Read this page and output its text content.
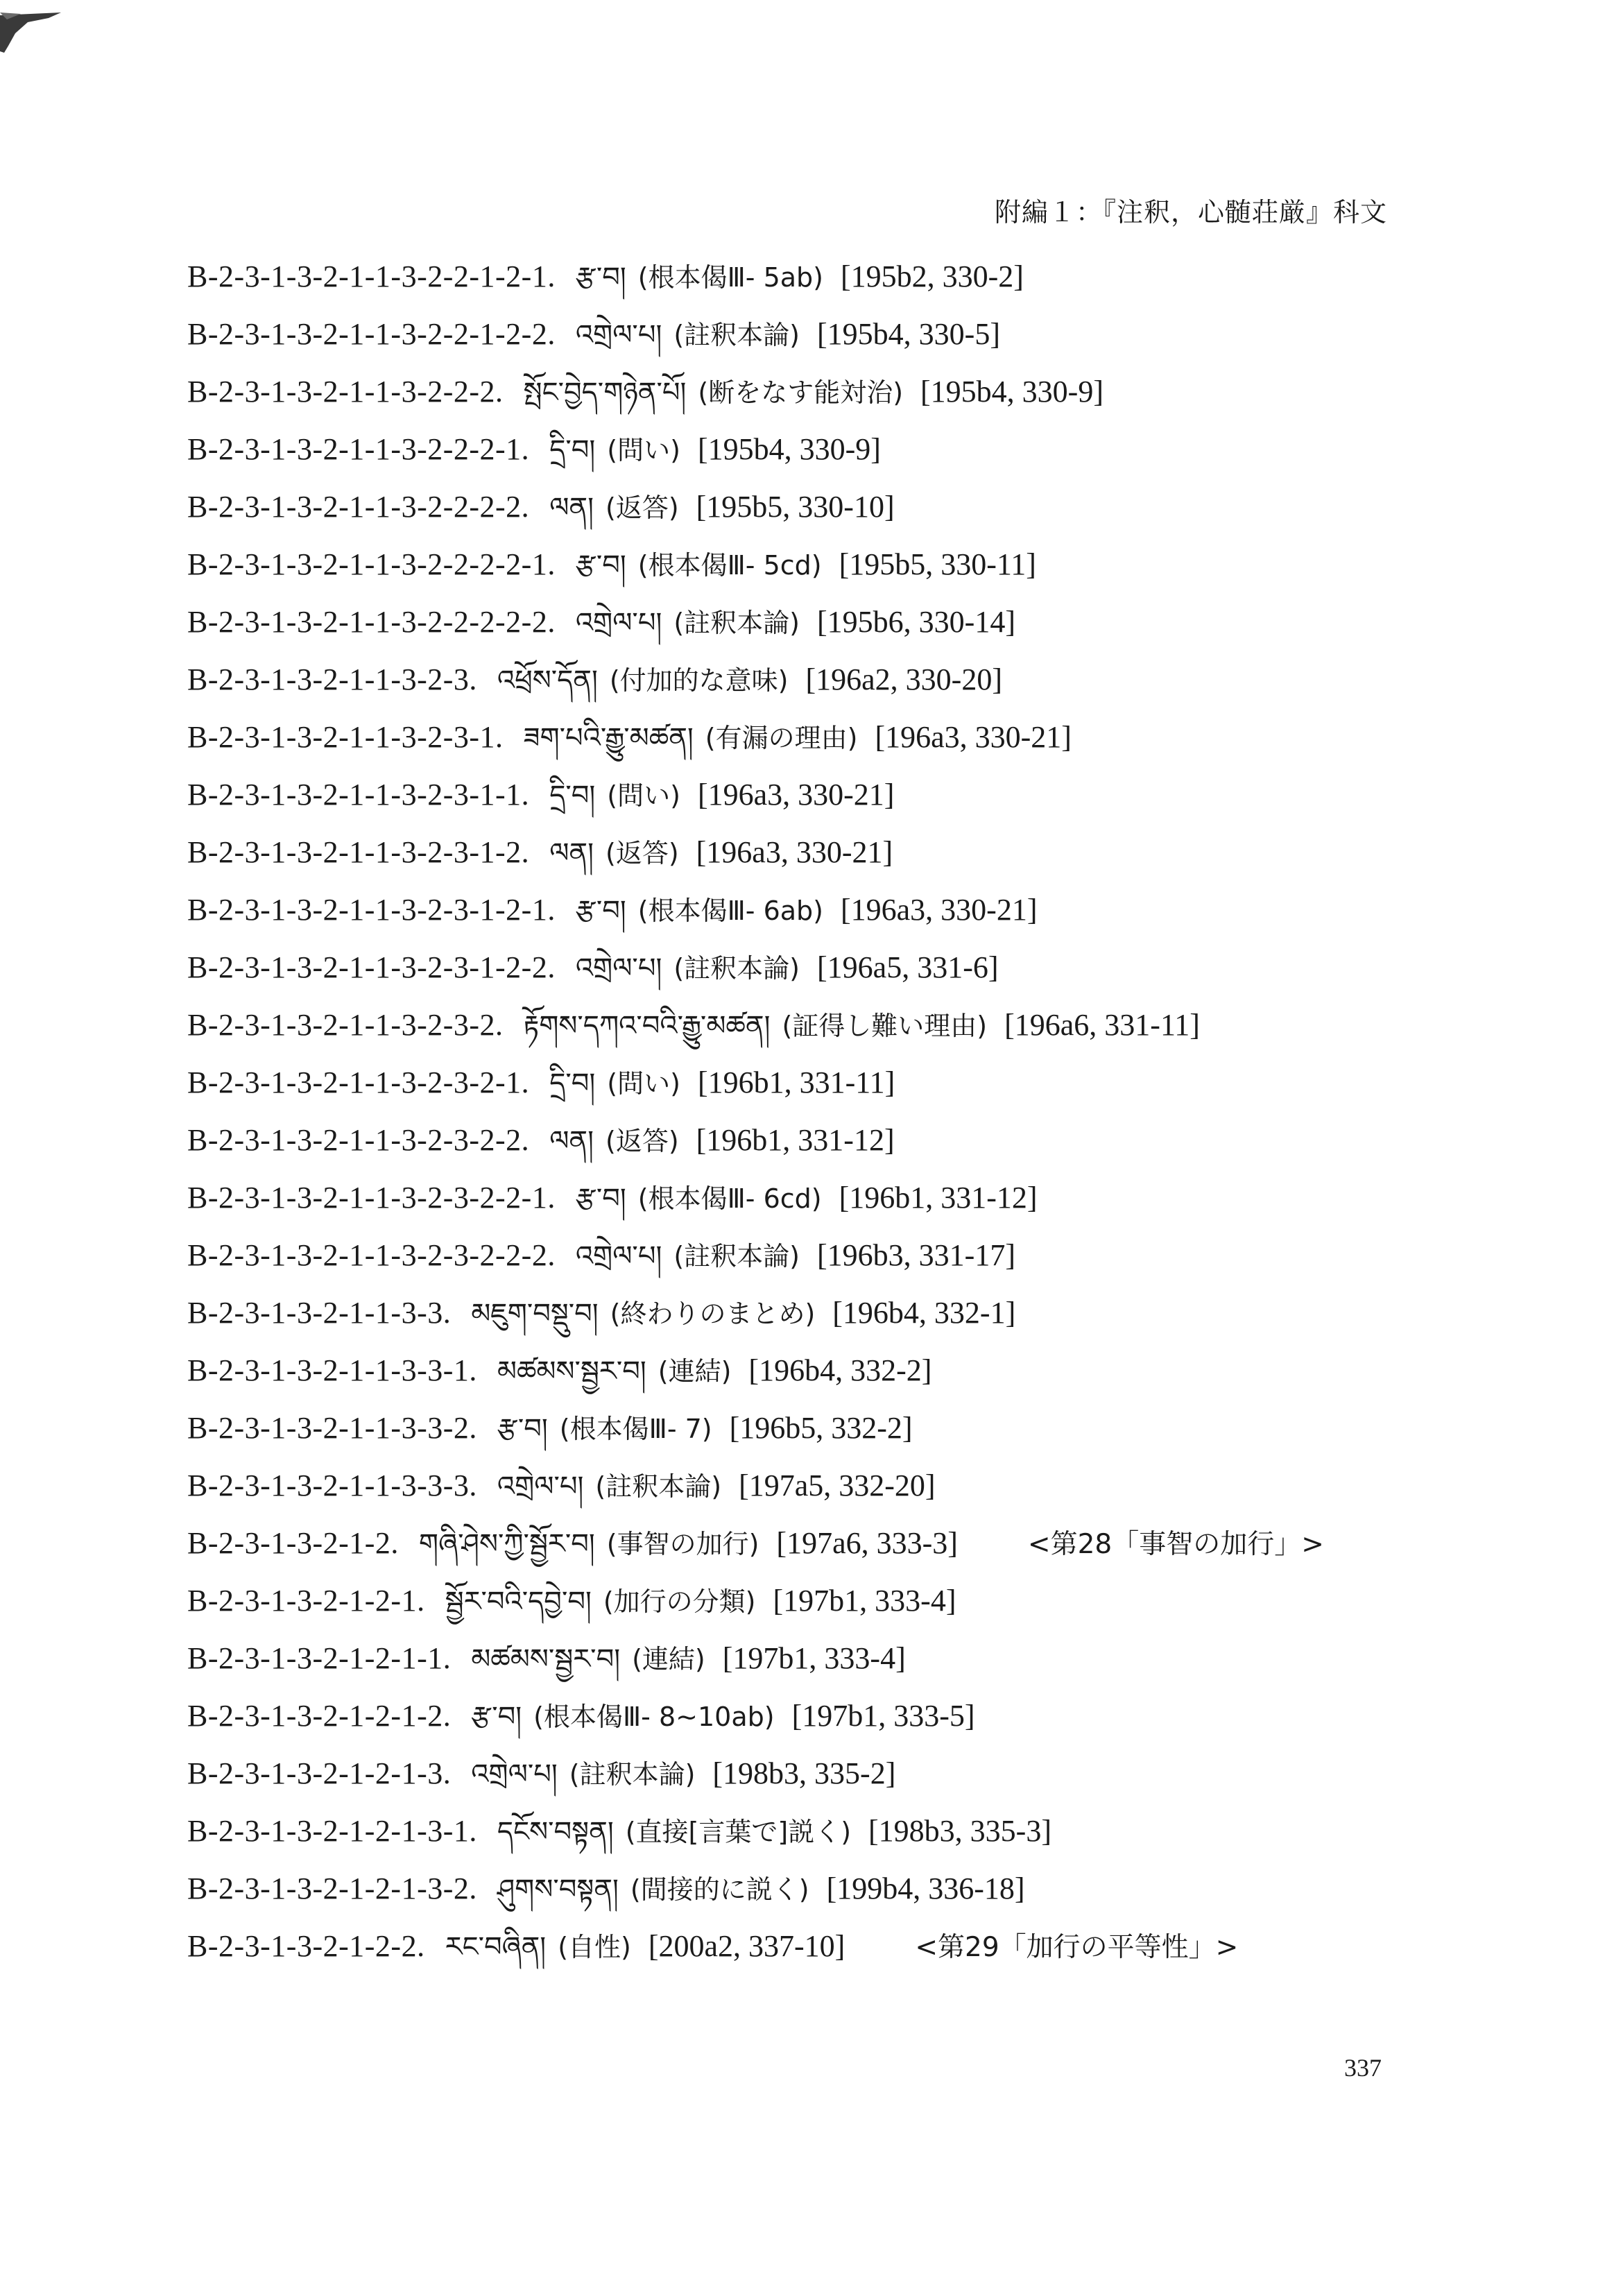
附編１：『注釈，心髄荘厳』科文
B-2-3-1-3-2-1-1-3-2-2-1-2-1. རྩ་བ། (根本偈Ⅲ- 5ab) [195b2, 330-2]
B-2-3-1-3-2-1-1-3-2-2-1-2-2. འགྲེལ་པ། (註釈本論) [195b4, 330-5]
B-2-3-1-3-2-1-1-3-2-2-2. སྤོང་བྱེད་གཉེན་པོ། (断をなす能対治) [195b4, 330-9]
B-2-3-1-3-2-1-1-3-2-2-2-1. དྲི་བ། (問い) [195b4, 330-9]
B-2-3-1-3-2-1-1-3-2-2-2-2. ལན། (返答) [195b5, 330-10]
B-2-3-1-3-2-1-1-3-2-2-2-2-1. རྩ་བ། (根本偈Ⅲ- 5cd) [195b5, 330-11]
B-2-3-1-3-2-1-1-3-2-2-2-2-2. འགྲེལ་པ། (註釈本論) [195b6, 330-14]
B-2-3-1-3-2-1-1-3-2-3. འཕྲོས་དོན། (付加的な意味) [196a2, 330-20]
B-2-3-1-3-2-1-1-3-2-3-1. ཟག་པའི་རྒྱུ་མཚན། (有漏の理由) [196a3, 330-21]
B-2-3-1-3-2-1-1-3-2-3-1-1. དྲི་བ། (問い) [196a3, 330-21]
B-2-3-1-3-2-1-1-3-2-3-1-2. ལན། (返答) [196a3, 330-21]
B-2-3-1-3-2-1-1-3-2-3-1-2-1. རྩ་བ། (根本偈Ⅲ- 6ab) [196a3, 330-21]
B-2-3-1-3-2-1-1-3-2-3-1-2-2. འགྲེལ་པ། (註釈本論) [196a5, 331-6]
B-2-3-1-3-2-1-1-3-2-3-2. རྟོགས་དཀའ་བའི་རྒྱུ་མཚན། (証得し難い理由) [196a6, 331-11]
B-2-3-1-3-2-1-1-3-2-3-2-1. དྲི་བ། (問い) [196b1, 331-11]
B-2-3-1-3-2-1-1-3-2-3-2-2. ལན། (返答) [196b1, 331-12]
B-2-3-1-3-2-1-1-3-2-3-2-2-1. རྩ་བ། (根本偈Ⅲ- 6cd) [196b1, 331-12]
B-2-3-1-3-2-1-1-3-2-3-2-2-2. འགྲེལ་པ། (註釈本論) [196b3, 331-17]
B-2-3-1-3-2-1-1-3-3. མཇུག་བསྡུ་བ། (終わりのまとめ) [196b4, 332-1]
B-2-3-1-3-2-1-1-3-3-1. མཚམས་སྦྱར་བ། (連結) [196b4, 332-2]
B-2-3-1-3-2-1-1-3-3-2. རྩ་བ། (根本偈Ⅲ- 7) [196b5, 332-2]
B-2-3-1-3-2-1-1-3-3-3. འགྲེལ་པ། (註釈本論) [197a5, 332-20]
B-2-3-1-3-2-1-2. གཞི་ཤེས་ཀྱི་སྦྱོར་བ། (事智の加行) [197a6, 333-3]	<第28「事智の加行」>
B-2-3-1-3-2-1-2-1. སྦྱོར་བའི་དབྱེ་བ། (加行の分類) [197b1, 333-4]
B-2-3-1-3-2-1-2-1-1. མཚམས་སྦྱར་བ། (連結) [197b1, 333-4]
B-2-3-1-3-2-1-2-1-2. རྩ་བ། (根本偈Ⅲ- 8~10ab) [197b1, 333-5]
B-2-3-1-3-2-1-2-1-3. འགྲེལ་པ། (註釈本論) [198b3, 335-2]
B-2-3-1-3-2-1-2-1-3-1. དངོས་བསྟན། (直接[言葉で]説く) [198b3, 335-3]
B-2-3-1-3-2-1-2-1-3-2. ཤུགས་བསྟན། (間接的に説く) [199b4, 336-18]
B-2-3-1-3-2-1-2-2. རང་བཞིན། (自性) [200a2, 337-10]	<第29「加行の平等性」>
337
